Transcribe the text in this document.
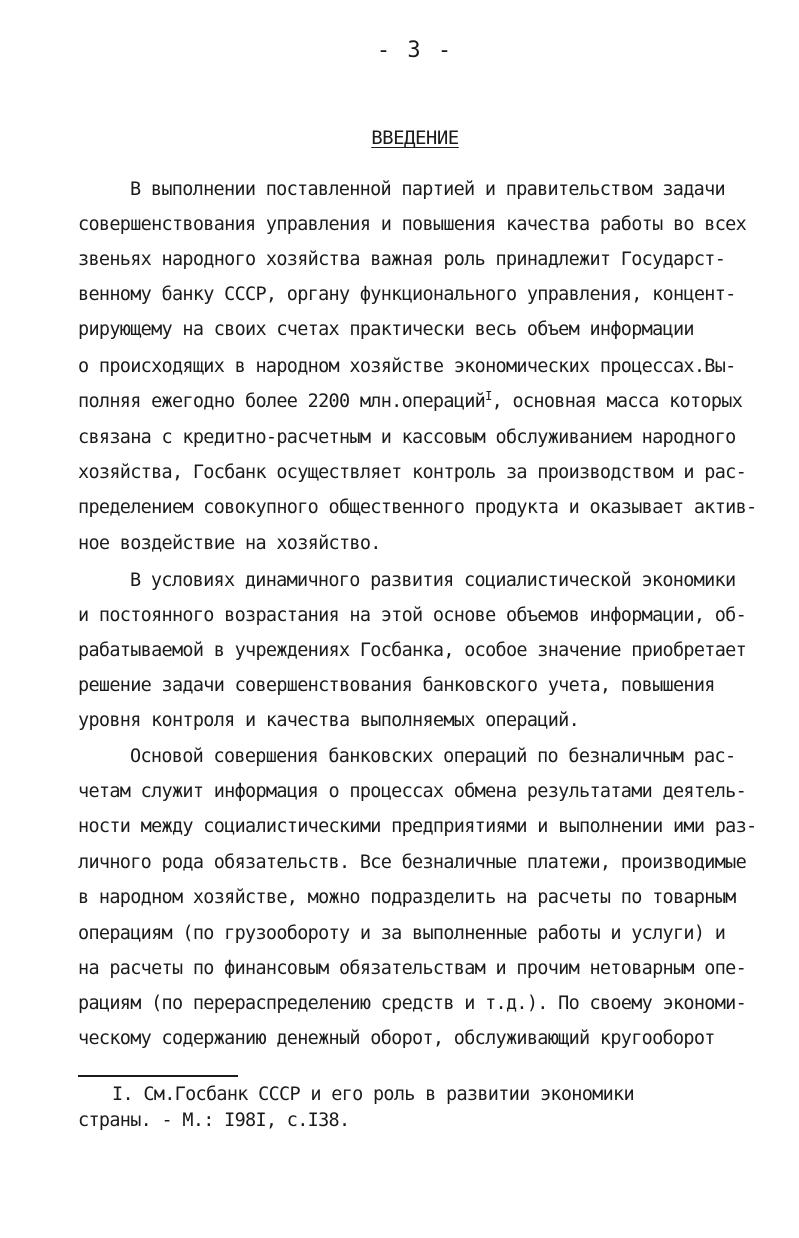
- 3 -
ВВЕДЕНИЕ
В выполнении поставленной партией и правительством задачи
совершенствования управления и повышения качества работы во всех
звеньях народного хозяйства важная роль принадлежит Государст-
венному банку СССР, органу функционального управления, концент-
рирующему на своих счетах практически весь объем информации
о происходящих в народном хозяйстве экономических процессах.Вы-
полняя ежегодно более 2200 млн.операций$^I$, основная масса которых
связана с кредитно-расчетным и кассовым обслуживанием народного
хозяйства, Госбанк осуществляет контроль за производством и рас-
пределением совокупного общественного продукта и оказывает актив-
ное воздействие на хозяйство.
В условиях динамичного развития социалистической экономики
и постоянного возрастания на этой основе объемов информации, об-
рабатываемой в учреждениях Госбанка, особое значение приобретает
решение задачи совершенствования банковского учета, повышения
уровня контроля и качества выполняемых операций.
Основой совершения банковских операций по безналичным рас-
четам служит информация о процессах обмена результатами деятель-
ности между социалистическими предприятиями и выполнении ими раз-
личного рода обязательств. Все безналичные платежи, производимые
в народном хозяйстве, можно подразделить на расчеты по товарным
операциям (по грузообороту и за выполненные работы и услуги) и
на расчеты по финансовым обязательствам и прочим нетоварным опе-
рациям (по перераспределению средств и т.д.). По своему экономи-
ческому содержанию денежный оборот, обслуживающий кругооборот
I. См.Госбанк СССР и его роль в развитии экономики
страны. - М.: I98I, с.I38.
